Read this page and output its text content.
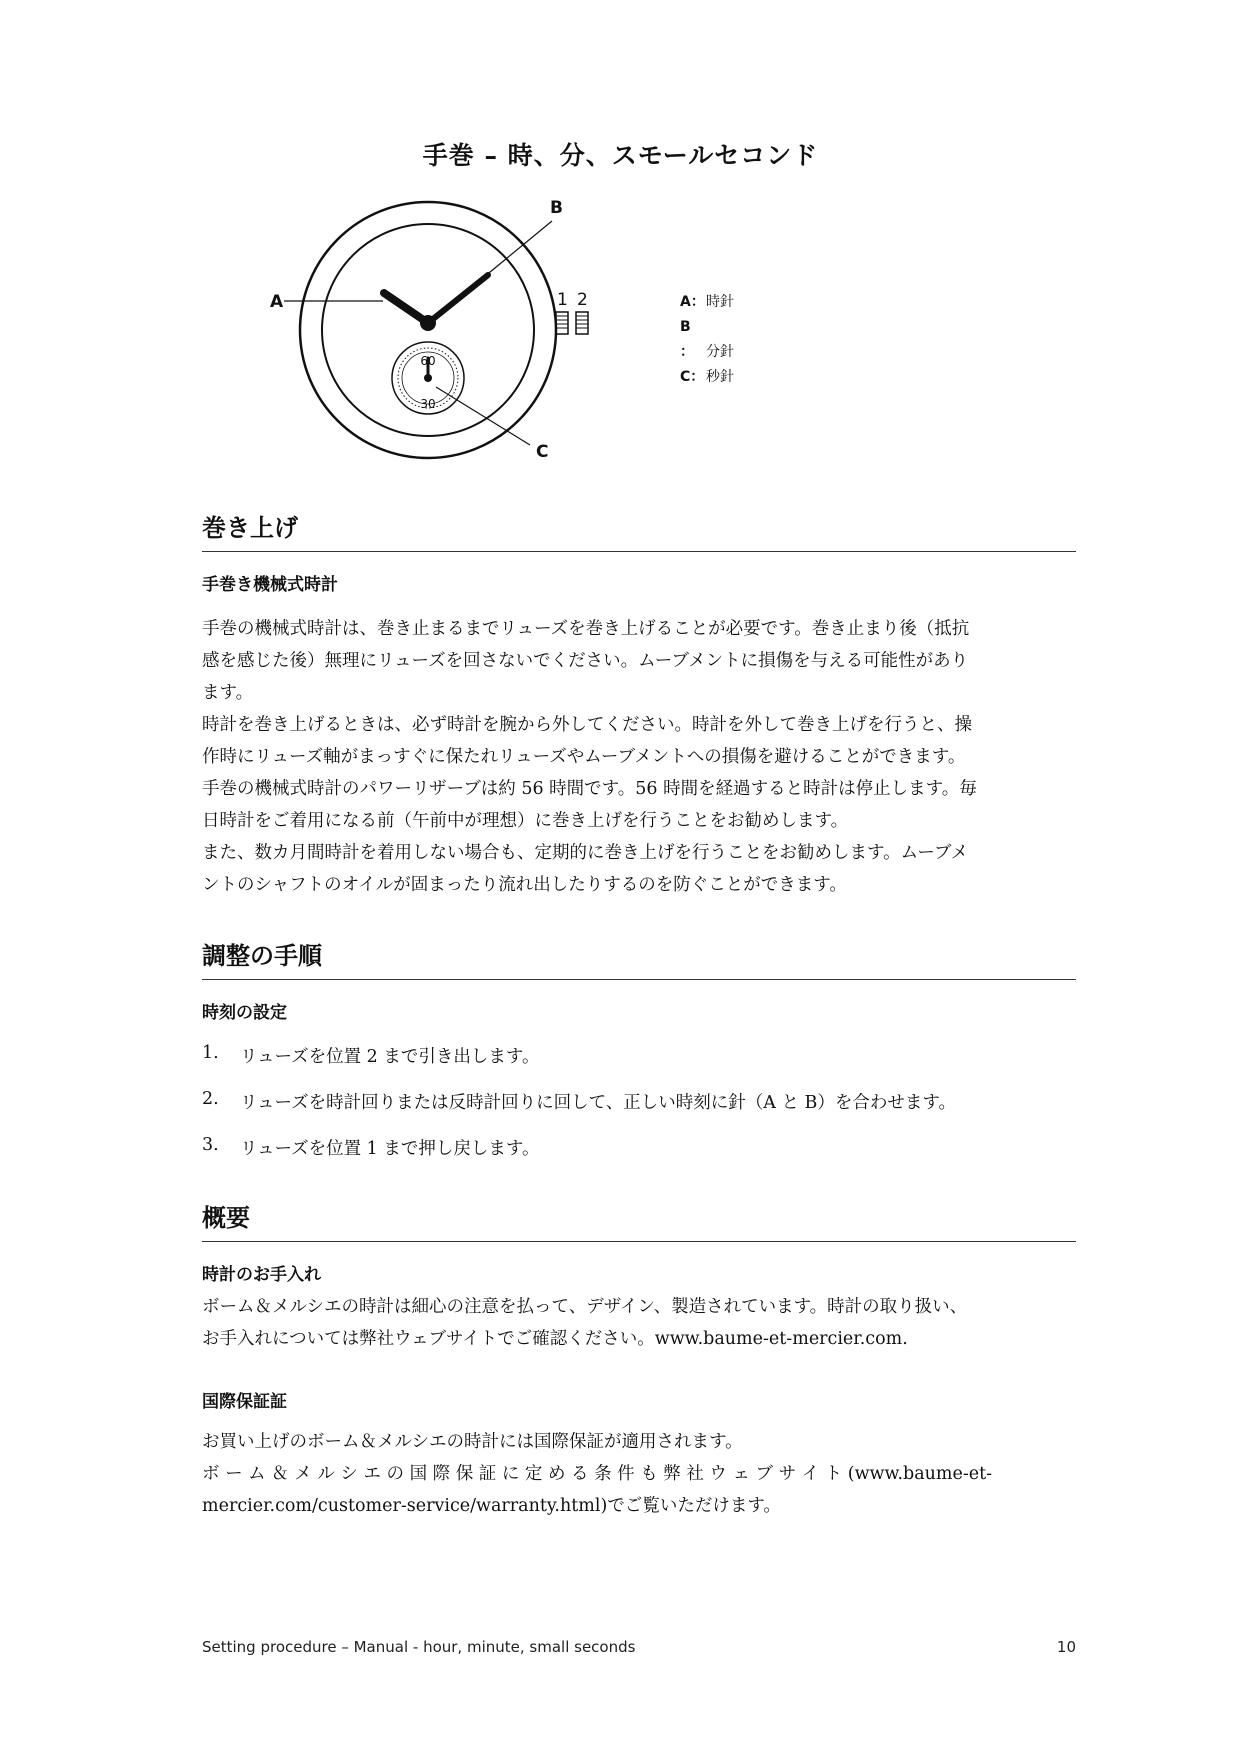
手巻 – 時、分、スモールセコンド
1 2
60
30
A
B
C
A：時針
B ： 分針
C： 秒針
巻き上げ
手巻き機械式時計

手巻の機械式時計は、巻き止まるまでリューズを巻き上げることが必要です。巻き止まり後（抵抗

感を感じた後）無理にリューズを回さないでください。ムーブメントに損傷を与える可能性があり

ます。

時計を巻き上げるときは、必ず時計を腕から外してください。時計を外して巻き上げを行うと、操

作時にリューズ軸がまっすぐに保たれリューズやムーブメントへの損傷を避けることができます。

手巻の機械式時計のパワーリザーブは約 56 時間です。56 時間を経過すると時計は停止します。毎

日時計をご着用になる前（午前中が理想）に巻き上げを行うことをお勧めします。

また、数カ月間時計を着用しない場合も、定期的に巻き上げを行うことをお勧めします。ムーブメ

ントのシャフトのオイルが固まったり流れ出したりするのを防ぐことができます。

調整の手順
時刻の設定
1.	リューズを位置 2 まで引き出します。
2.	リューズを時計回りまたは反時計回りに回して、正しい時刻に針（A と B）を合わせます。
3.	リューズを位置 1 まで押し戻します。
概要
時計のお手入れ

ボーム＆メルシエの時計は細心の注意を払って、デザイン、製造されています。時計の取り扱い、

お手入れについては弊社ウェブサイトでご確認ください。www.baume-et-mercier.com.

国際保証証

お買い上げのボーム＆メルシエの時計には国際保証が適用されます。

ボ ー ム ＆ メ ル シ エ の 国 際 保 証 に 定 め る 条 件 も 弊 社 ウ ェ ブ サ イ ト (www.baume-et-

mercier.com/customer-service/warranty.html)でご覧いただけます。

Setting procedure – Manual - hour, minute, small seconds	10
